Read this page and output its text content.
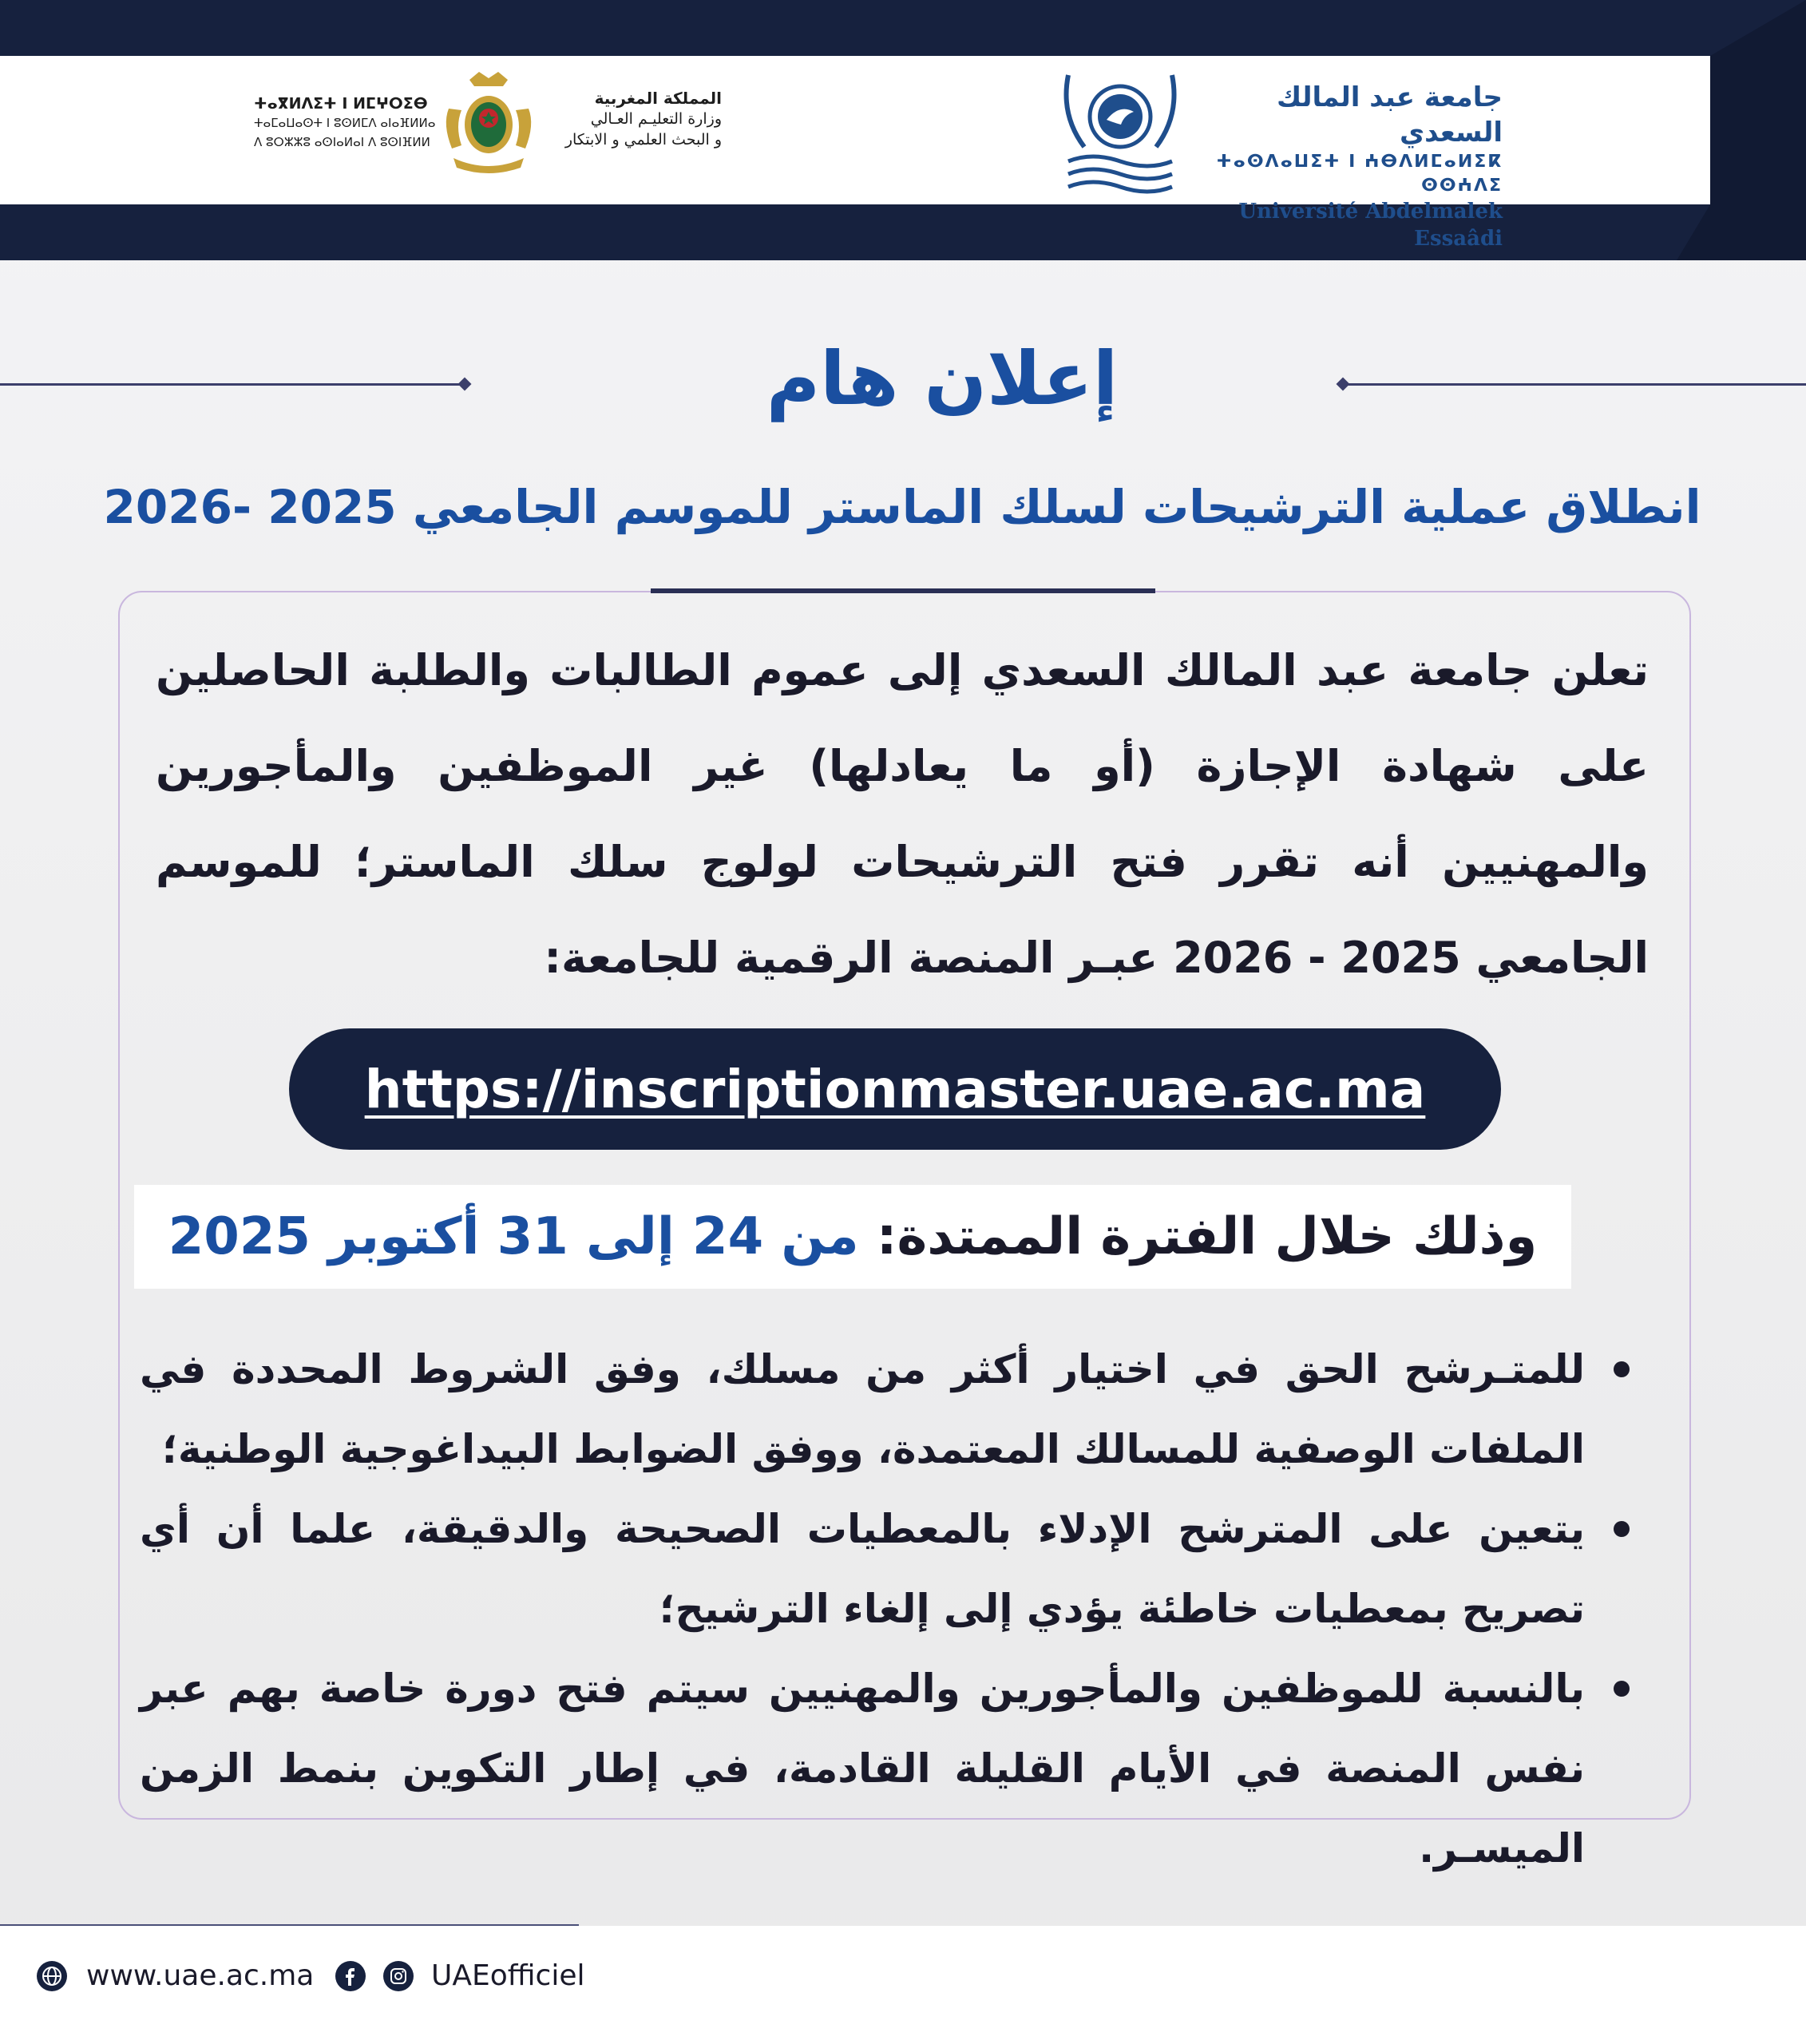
ⵜⴰⴳⵍⴷⵉⵜ ⵏ ⵍⵎⵖⵔⵉⴱ
ⵜⴰⵎⴰⵡⴰⵙⵜ ⵏ ⵓⵙⵍⵎⴷ ⴰⵏⴰⴼⵍⵍⴰ
ⴷ ⵓⵔⵣⵣⵓ ⴰⵙⵏⴰⵍⴰⵏ ⴷ ⵓⵙⵏⴼⵍⵍ
المملكة المغربية
وزارة التعليـم العـالي
و البحث العلمي و الابتكار
جامعة عبد المالك السعدي
ⵜⴰⵙⴷⴰⵡⵉⵜ ⵏ ⵄⴱⴷⵍⵎⴰⵍⵉⴽ ⵙⵙⵄⴷⵉ
Université Abdelmalek Essaâdi
إعلان هام
انطلاق عملية الترشيحات لسلك الماستر للموسم الجامعي 2025 -2026
تعلن جامعة عبد المالك السعدي إلى عموم الطالبات والطلبة الحاصلين على شهادة الإجازة (أو ما يعادلها) غير الموظفين والمأجورين والمهنيين أنه تقرر فتح الترشيحات لولوج سلك الماستر؛ للموسم الجامعي 2025 - 2026 عبـر المنصة الرقمية للجامعة:
https://inscriptionmaster.uae.ac.ma
وذلك خلال الفترة الممتدة: من 24 إلى 31 أكتوبر 2025
للمتـرشح الحق في اختيار أكثر من مسلك، وفق الشروط المحددة في الملفات الوصفية للمسالك المعتمدة، ووفق الضوابط البيداغوجية الوطنية؛
يتعين على المترشح الإدلاء بالمعطيات الصحيحة والدقيقة، علما أن أي تصريح بمعطيات خاطئة يؤدي إلى إلغاء الترشيح؛
بالنسبة للموظفين والمأجورين والمهنيين سيتم فتح دورة خاصة بهم عبر نفس المنصة في الأيام القليلة القادمة، في إطار التكوين بنمط الزمن الميسـر.
www.uae.ac.ma	UAEofficiel
